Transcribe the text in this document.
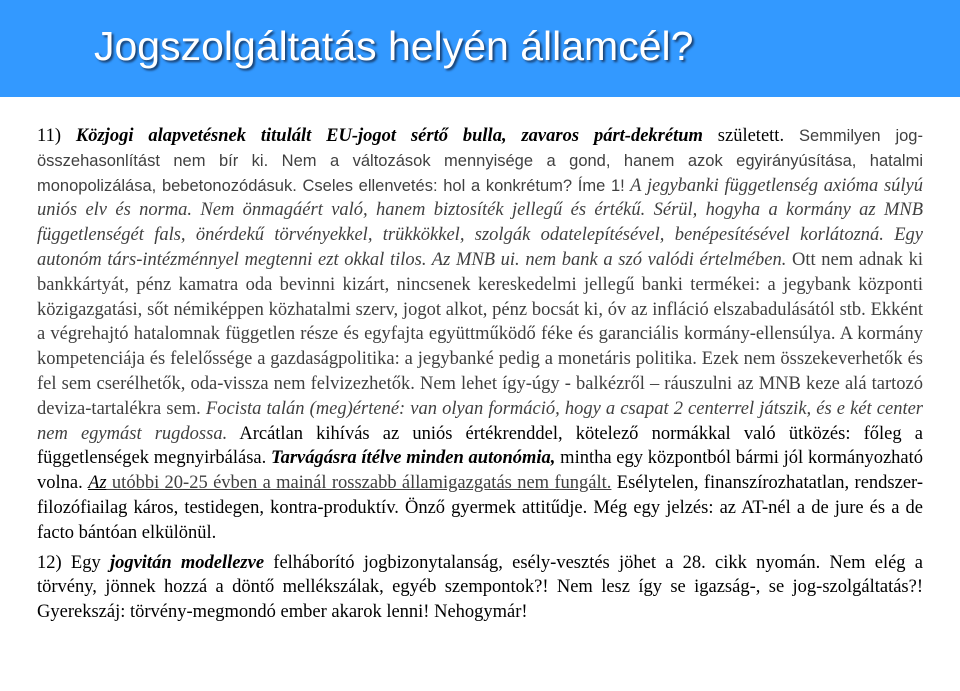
Jogszolgáltatás helyén államcél?

11) Közjogi alapvetésnek titulált EU-jogot sértő bulla, zavaros párt-dekrétum született. Semmilyen jog-összehasonlítást nem bír ki. Nem a változások mennyisége a gond, hanem azok egyirányúsítása, hatalmi monopolizálása, bebetonozódásuk. Cseles ellenvetés: hol a konkrétum? Íme 1! A jegybanki függetlenség axióma súlyú uniós elv és norma. Nem önmagáért való, hanem biztosíték jellegű és értékű. Sérül, hogyha a kormány az MNB függetlenségét fals, önérdekű törvényekkel, trükkökkel, szolgák odatelepítésével, benépesítésével korlátozná. Egy autonóm társ-intézménnyel megtenni ezt okkal tilos. Az MNB ui. nem bank a szó valódi értelmében. Ott nem adnak ki bankkártyát, pénz kamatra oda bevinni kizárt, nincsenek kereskedelmi jellegű banki termékei: a jegybank központi közigazgatási, sőt némiképpen közhatalmi szerv, jogot alkot, pénz bocsát ki, óv az infláció elszabadulásától stb. Ekként a végrehajtó hatalomnak független része és egyfajta együttműködő féke és garanciális kormány-ellensúlya. A kormány kompetenciája és felelőssége a gazdaságpolitika: a jegybanké pedig a monetáris politika. Ezek nem összekeverhetők és fel sem cserélhetők, oda-vissza nem felvizezhetők. Nem lehet így-úgy - balkézről – ráuszulni az MNB keze alá tartozó deviza-tartalékra sem. Focista talán (meg)értené: van olyan formáció, hogy a csapat 2 centerrel játszik, és e két center nem egymást rugdossa. Arcátlan kihívás az uniós értékrenddel, kötelező normákkal való ütközés: főleg a függetlenségek megnyirbálása. Tarvágásra ítélve minden autonómia, mintha egy központból bármi jól kormányozható volna. Az utóbbi 20-25 évben a mainál rosszabb államigazgatás nem fungált. Esélytelen, finanszírozhatatlan, rendszer-filozófiailag káros, testidegen, kontra-produktív. Önző gyermek attitűdje. Még egy jelzés: az AT-nél a de jure és a de facto bántóan elkülönül.

12) Egy jogvitán modellezve felháborító jogbizonytalanság, esély-vesztés jöhet a 28. cikk nyomán. Nem elég a törvény, jönnek hozzá a döntő mellékszálak, egyéb szempontok?! Nem lesz így se igazság-, se jog-szolgáltatás?! Gyerekszáj: törvény-megmondó ember akarok lenni! Nehogymár!
